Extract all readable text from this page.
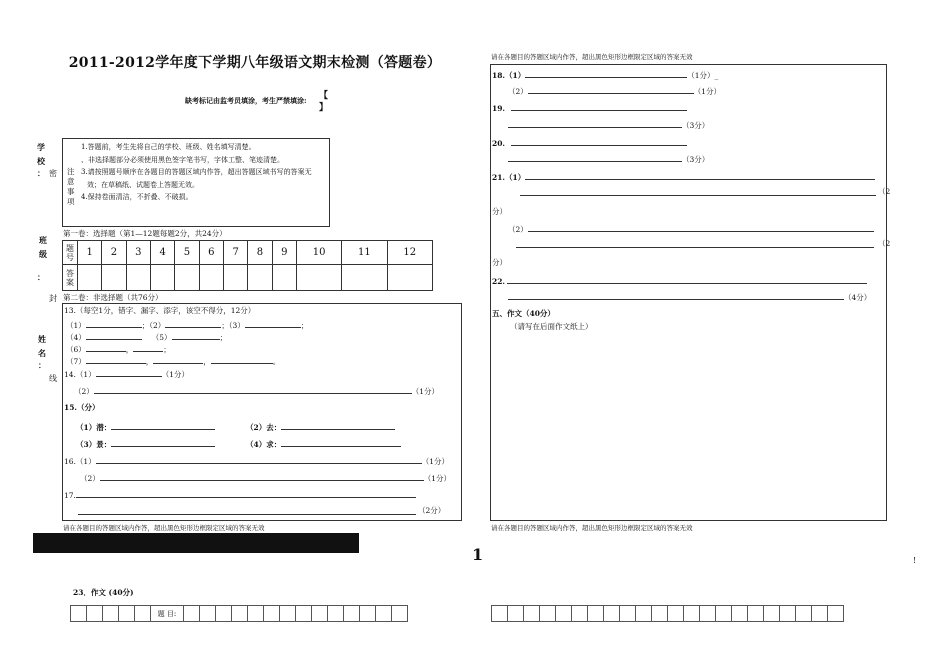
2011-2012学年度下学期八年级语文期末检测（答题卷）
缺考标记由监考员填涂，考生严禁填涂: 【
】
学
校
： 密
班
级
：
封
姓
名
：
线
注
意
事
项
1.答题前，考生先将自己的学校、班级、姓名填写清楚。
、非选择题部分必须使用黑色签字笔书写，字体工整、笔迹清楚。
3.请按照题号顺序在各题目的答题区域内作答，超出答题区域书写的答案无
效；在草稿纸、试题卷上答题无效。
4.保持卷面清洁，不折叠、不破损。
第一卷：选择题（第1—12题每题2分，共24分）
题号	1	2	3	4	5	6	7	8	9	10	11	12
答案												
第二卷：非选择题（共76分）
13.（每空1分，错字、漏字、添字，该空不得分，12分）
（1）	；（2）	；（3）	；
（4）	（5）	；
（6）	，	；
（7）	，	，	。
14.（1）	（1分）
（2）	（1分）
15.（分）
（1）潜：	（2）去：
（3）景：	（4）求：
16.（1）	（1分）
（2）	（1分）
17.
（2分）
请在各题目的答题区域内作答，超出黑色矩形边框限定区域的答案无效
1	!
请在各题目的答题区域内作答，超出黑色矩形边框限定区域的答案无效
18.（1）	（1分）_
（2）	（1分）
19.
（3分）
20.
（3分）
21.（1）
（2
分）
（2）
（2
分）
22.
（4分）
五、作文（40分）
（请写在后面作文纸上）
请在各题目的答题区域内作答，超出黑色矩形边框限定区域的答案无效
23．作文 (40分)
题 目:
